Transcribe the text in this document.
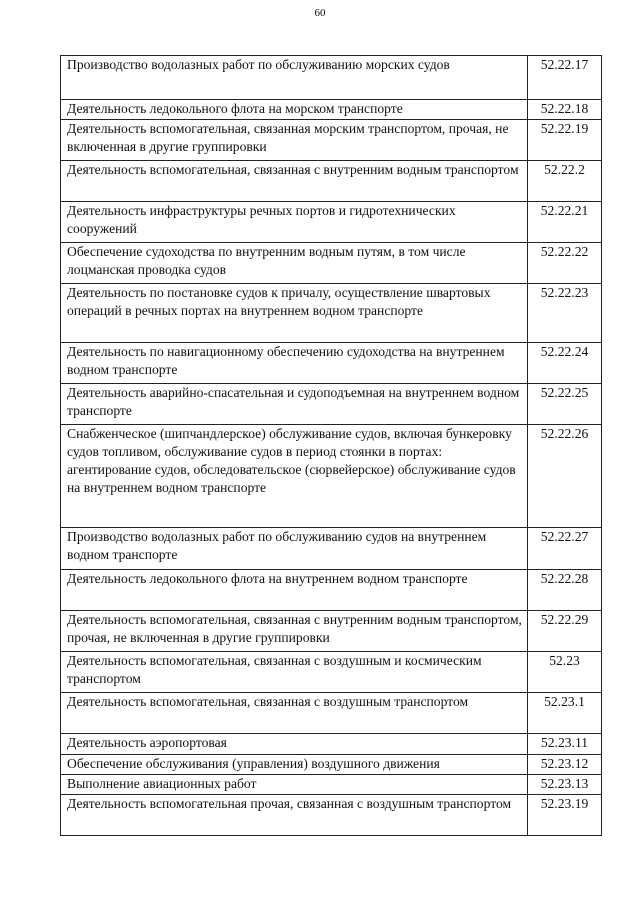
60
Производство водолазных работ по обслуживанию морских судов	52.22.17
Деятельность ледокольного флота на морском транспорте	52.22.18
Деятельность вспомогательная, связанная морским транспортом, прочая, не включенная в другие группировки	52.22.19
Деятельность вспомогательная, связанная с внутренним водным транспортом	52.22.2
Деятельность инфраструктуры речных портов и гидротехнических сооружений	52.22.21
Обеспечение судоходства по внутренним водным путям, в том числе лоцманская проводка судов	52.22.22
Деятельность по постановке судов к причалу, осуществление швартовых операций в речных портах на внутреннем водном транспорте	52.22.23
Деятельность по навигационному обеспечению судоходства на внутреннем водном транспорте	52.22.24
Деятельность аварийно-спасательная и судоподъемная на внутреннем водном транспорте	52.22.25
Снабженческое (шипчандлерское) обслуживание судов, включая бункеровку судов топливом, обслуживание судов в период стоянки в портах: агентирование судов, обследовательское (сюрвейерское) обслуживание судов на внутреннем водном транспорте	52.22.26
Производство водолазных работ по обслуживанию судов на внутреннем водном транспорте	52.22.27
Деятельность ледокольного флота на внутреннем водном транспорте	52.22.28
Деятельность вспомогательная, связанная с внутренним водным транспортом, прочая, не включенная в другие группировки	52.22.29
Деятельность вспомогательная, связанная с воздушным и космическим транспортом	52.23
Деятельность вспомогательная, связанная с воздушным транспортом	52.23.1
Деятельность аэропортовая	52.23.11
Обеспечение обслуживания (управления) воздушного движения	52.23.12
Выполнение авиационных работ	52.23.13
Деятельность вспомогательная прочая, связанная с воздушным транспортом	52.23.19
